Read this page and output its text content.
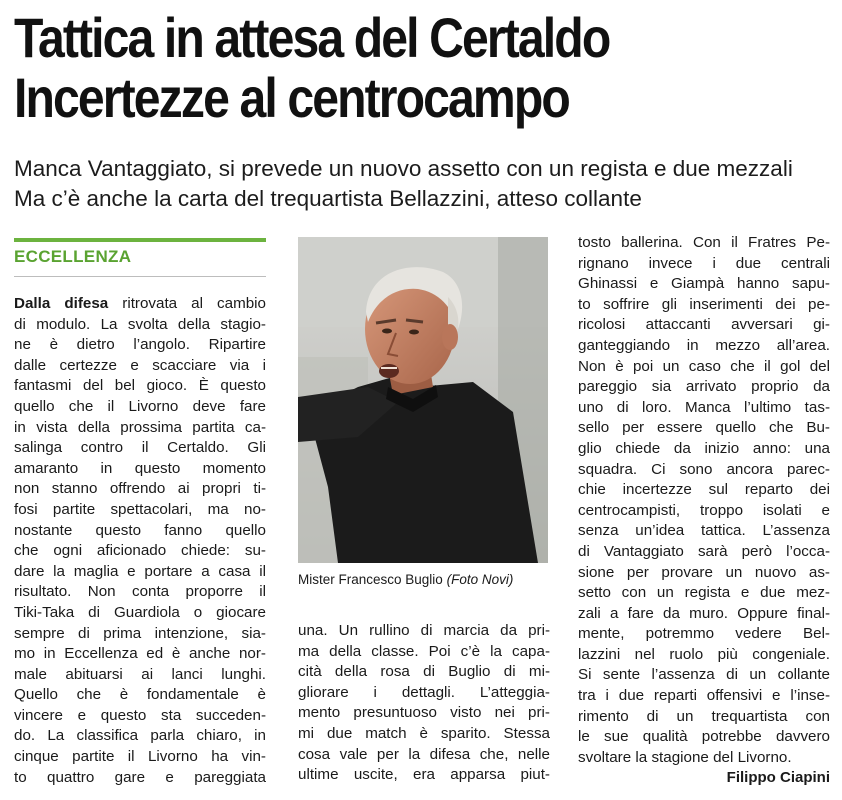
Tattica in attesa del Certaldo
Incertezze al centrocampo
Manca Vantaggiato, si prevede un nuovo assetto con un regista e due mezzali
Ma c’è anche la carta del trequartista Bellazzini, atteso collante
ECCELLENZA
Dalla difesa ritrovata al cambio
di modulo. La svolta della stagio-
ne è dietro l’angolo. Ripartire
dalle certezze e scacciare via i
fantasmi del bel gioco. È questo
quello che il Livorno deve fare
in vista della prossima partita ca-
salinga contro il Certaldo. Gli
amaranto in questo momento
non stanno offrendo ai propri ti-
fosi partite spettacolari, ma no-
nostante questo fanno quello
che ogni aficionado chiede: su-
dare la maglia e portare a casa il
risultato. Non conta proporre il
Tiki-Taka di Guardiola o giocare
sempre di prima intenzione, sia-
mo in Eccellenza ed è anche nor-
male abituarsi ai lanci lunghi.
Quello che è fondamentale è
vincere e questo sta succeden-
do. La classifica parla chiaro, in
cinque partite il Livorno ha vin-
to quattro gare e pareggiata
Mister Francesco Buglio (Foto Novi)
una. Un rullino di marcia da pri-
ma della classe. Poi c’è la capa-
cità della rosa di Buglio di mi-
gliorare i dettagli. L’atteggia-
mento presuntuoso visto nei pri-
mi due match è sparito. Stessa
cosa vale per la difesa che, nelle
ultime uscite, era apparsa piut-
tosto ballerina. Con il Fratres Pe-
rignano invece i due centrali
Ghinassi e Giampà hanno sapu-
to soffrire gli inserimenti dei pe-
ricolosi attaccanti avversari gi-
ganteggiando in mezzo all’area.
Non è poi un caso che il gol del
pareggio sia arrivato proprio da
uno di loro. Manca l’ultimo tas-
sello per essere quello che Bu-
glio chiede da inizio anno: una
squadra. Ci sono ancora parec-
chie incertezze sul reparto dei
centrocampisti, troppo isolati e
senza un’idea tattica. L’assenza
di Vantaggiato sarà però l’occa-
sione per provare un nuovo as-
setto con un regista e due mez-
zali a fare da muro. Oppure final-
mente, potremmo vedere Bel-
lazzini nel ruolo più congeniale.
Si sente l’assenza di un collante
tra i due reparti offensivi e l’inse-
rimento di un trequartista con
le sue qualità potrebbe davvero
svoltare la stagione del Livorno.
Filippo Ciapini
